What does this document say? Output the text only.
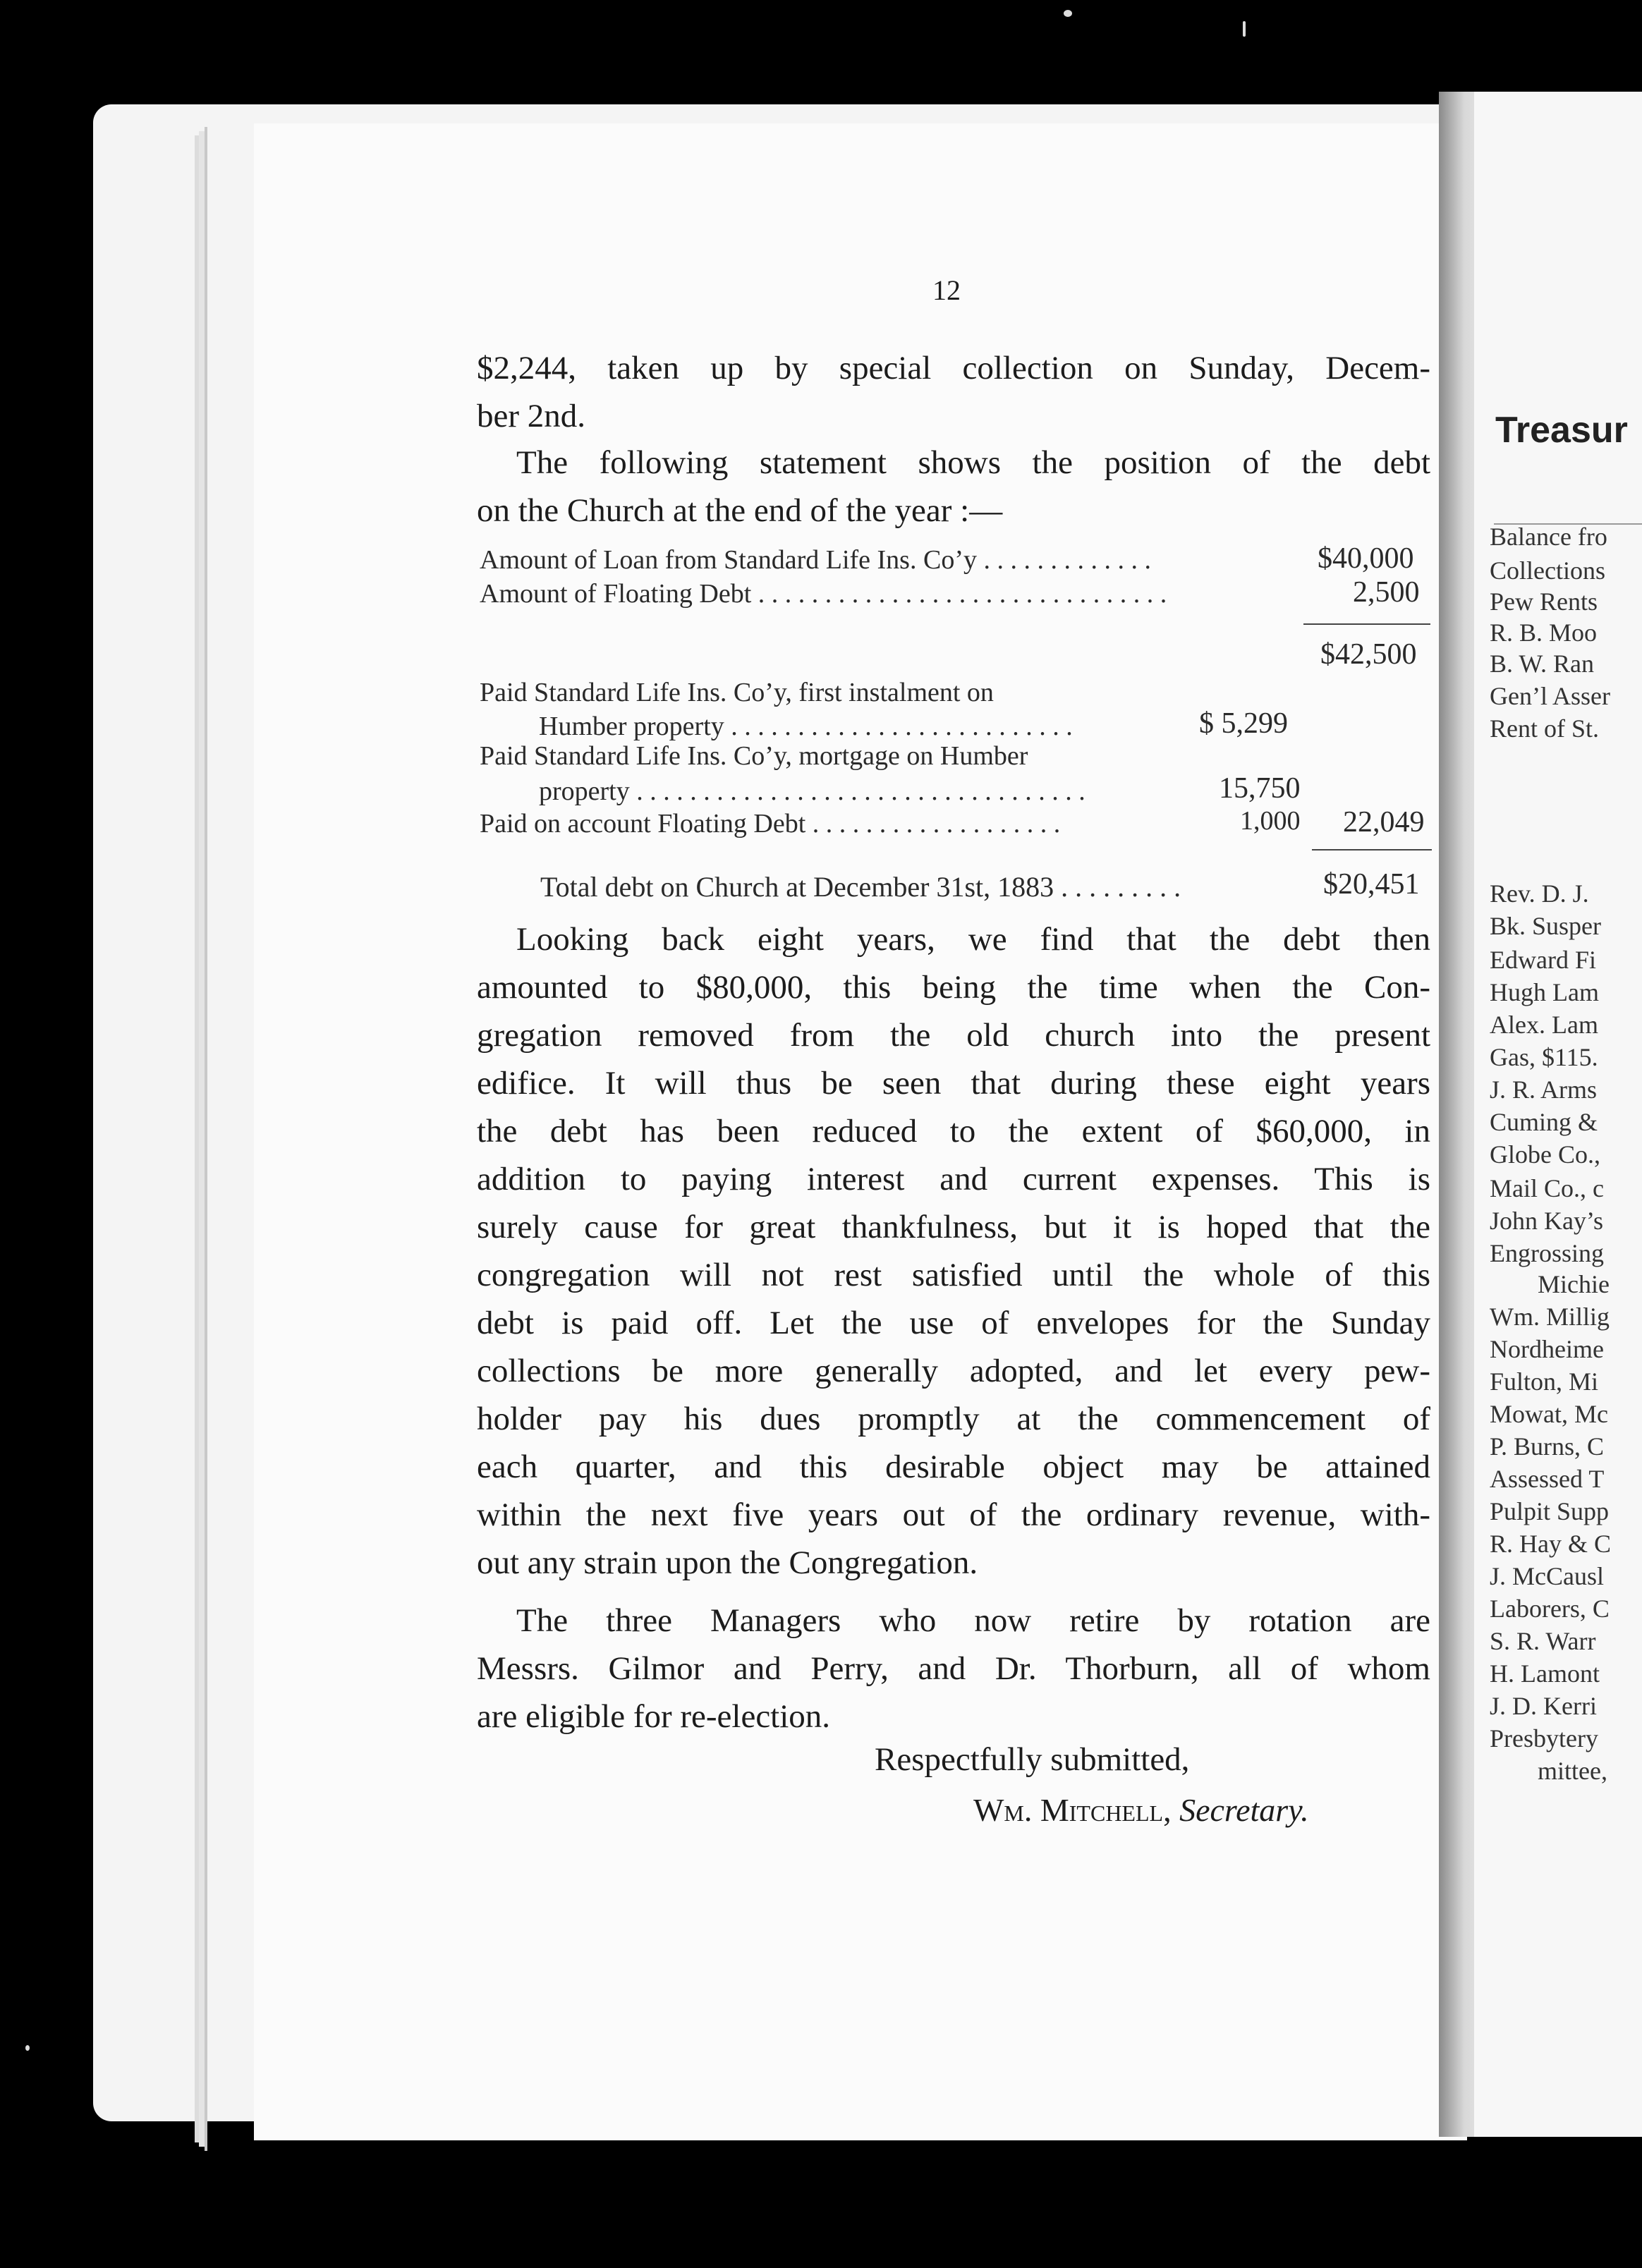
Treasur
Balance fro
Collections
Pew Rents
R. B. Moo
B. W. Ran
Gen’l Asser
Rent of St.
Rev. D. J.
Bk. Susper
Edward Fi
Hugh Lam
Alex. Lam
Gas, $115.
J. R. Arms
Cuming &
Globe Co.,
Mail Co., c
John Kay’s
Engrossing
Michie
Wm. Millig
Nordheime
Fulton, Mi
Mowat, Mc
P. Burns, C
Assessed T
Pulpit Supp
R. Hay & C
J. McCausl
Laborers, C
S. R. Warr
H. Lamont
J. D. Kerri
Presbytery
mittee,
12

$2,244, taken up by special collection on Sunday, Decem-
ber 2nd.

The following statement shows the position of the debt
on the Church at the end of the year :—

Amount of Loan from Standard Life Ins. Co’y . . . . . . . . . . . . .	$40,000
Amount of Floating Debt . . . . . . . . . . . . . . . . . . . . . . . . . . . . . . .	2,500
$42,500
Paid Standard Life Ins. Co’y, first instalment on
Humber property . . . . . . . . . . . . . . . . . . . . . . . . . .	$ 5,299
Paid Standard Life Ins. Co’y, mortgage on Humber
property . . . . . . . . . . . . . . . . . . . . . . . . . . . . . . . . . .	15,750
Paid on account Floating Debt . . . . . . . . . . . . . . . . . . .	1,000 22,049
Total debt on Church at December 31st, 1883 . . . . . . . . .	$20,451

Looking back eight years, we find that the debt then
amounted to $80,000, this being the time when the Con-
gregation removed from the old church into the present
edifice. It will thus be seen that during these eight years
the debt has been reduced to the extent of $60,000, in
addition to paying interest and current expenses. This is
surely cause for great thankfulness, but it is hoped that the
congregation will not rest satisfied until the whole of this
debt is paid off. Let the use of envelopes for the Sunday
collections be more generally adopted, and let every pew-
holder pay his dues promptly at the commencement of
each quarter, and this desirable object may be attained
within the next five years out of the ordinary revenue, with-
out any strain upon the Congregation.

The three Managers who now retire by rotation are
Messrs. Gilmor and Perry, and Dr. Thorburn, all of whom
are eligible for re-election.
Respectfully submitted,
Wm. Mitchell, Secretary.
